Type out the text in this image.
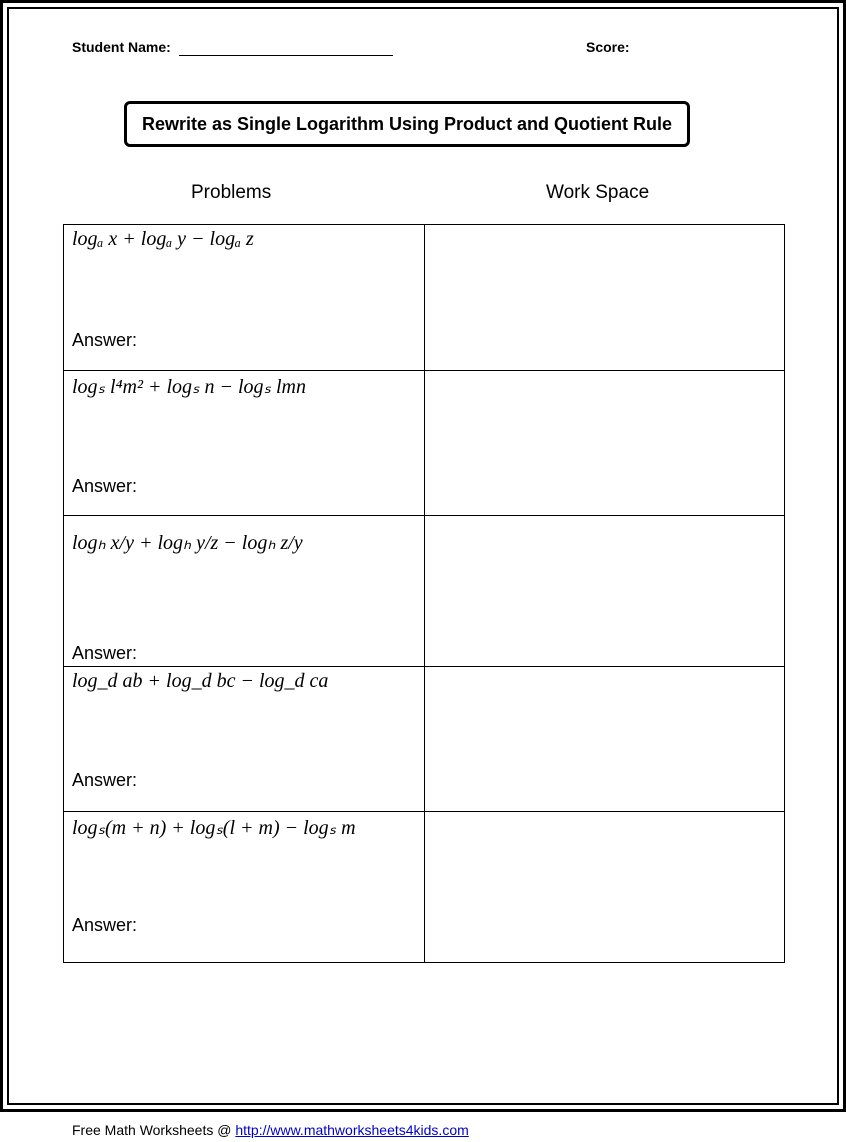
Student Name:	Score:
Rewrite as Single Logarithm Using Product and Quotient Rule
Problems	Work Space
logₐ x + logₐ y − logₐ z
Answer:	

logₛ l⁴m² + logₛ n − logₛ lmn
Answer:	

logₕ x/y + logₕ y/z − logₕ z/y
Answer:	

log_d ab + log_d bc − log_d ca
Answer:	

logₛ(m + n) + logₛ(l + m) − logₛ m
Answer:	

Free Math Worksheets @ http://www.mathworksheets4kids.com
